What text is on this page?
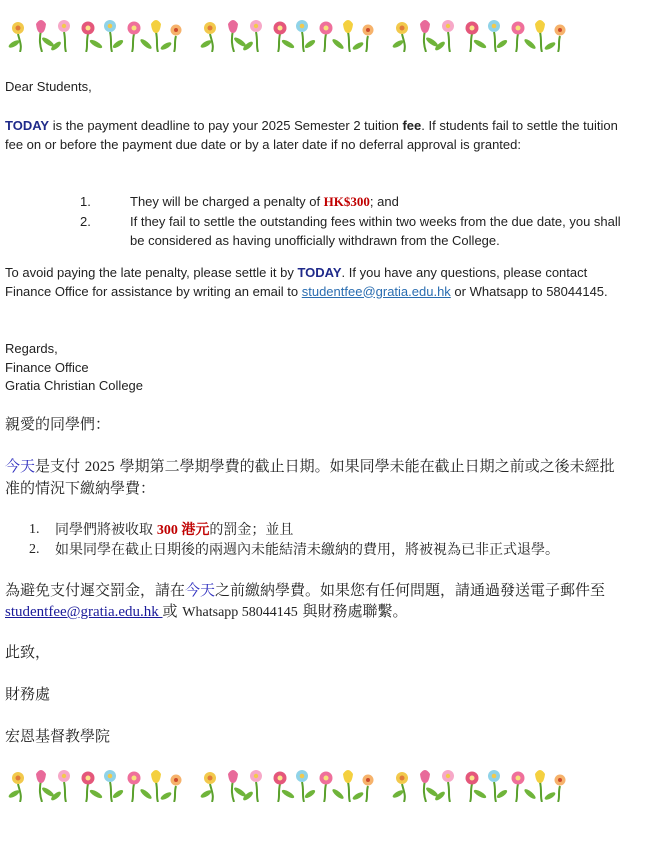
Dear Students,

TODAY is the payment deadline to pay your 2025 Semester 2 tuition fee. If students fail to settle the tuition fee on or before the payment due date or by a later date if no deferral approval is granted:

1.	They will be charged a penalty of HK$300; and
2.	If they fail to settle the outstanding fees within two weeks from the due date, you shall be considered as having unofficially withdrawn from the College.

To avoid paying the late penalty, please settle it by TODAY. If you have any questions, please contact Finance Office for assistance by writing an email to studentfee@gratia.edu.hk or Whatsapp to 58044145.

Regards,

Finance Office

Gratia Christian College

親愛的同學們：

今天是支付 2025 學期第二學期學費的截止日期。如果同學未能在截止日期之前或之後未經批准的情況下繳納學費：

1.	同學們將被收取 300 港元的罰金；並且
2.	如果同學在截止日期後的兩週內未能結清未繳納的費用，將被視為已非正式退學。

為避免支付遲交罰金，請在今天之前繳納學費。如果您有任何問題，請通過發送電子郵件至 studentfee@gratia.edu.hk 或 Whatsapp 58044145 與財務處聯繫。

此致，

財務處

宏恩基督教學院
